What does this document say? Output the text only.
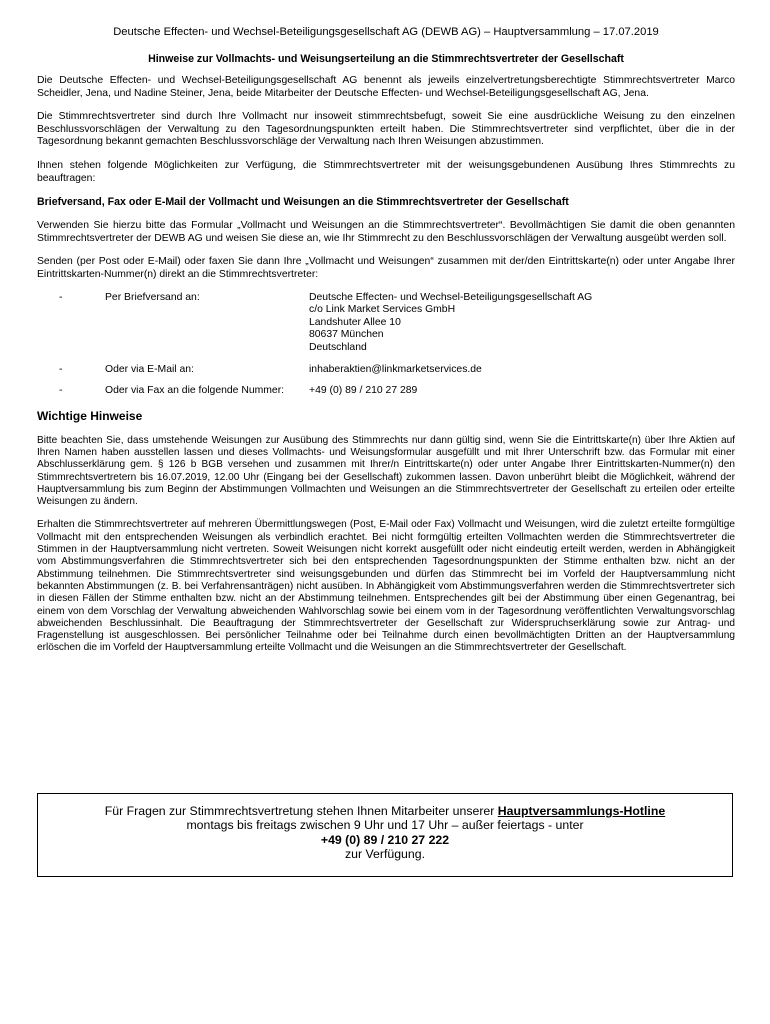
Deutsche Effecten- und Wechsel-Beteiligungsgesellschaft AG (DEWB AG) – Hauptversammlung – 17.07.2019
Hinweise zur Vollmachts- und Weisungserteilung an die Stimmrechtsvertreter der Gesellschaft

Die Deutsche Effecten- und Wechsel-Beteiligungsgesellschaft AG benennt als jeweils einzelvertretungsberechtigte Stimmrechtsvertreter Marco Scheidler, Jena, und Nadine Steiner, Jena, beide Mitarbeiter der Deutsche Effecten- und Wechsel-Beteiligungsgesellschaft AG, Jena.

Die Stimmrechtsvertreter sind durch Ihre Vollmacht nur insoweit stimmrechtsbefugt, soweit Sie eine ausdrückliche Weisung zu den einzelnen Beschlussvorschlägen der Verwaltung zu den Tagesordnungspunkten erteilt haben. Die Stimmrechtsvertreter sind verpflichtet, über die in der Tagesordnung bekannt gemachten Beschlussvorschläge der Verwaltung nach Ihren Weisungen abzustimmen.

Ihnen stehen folgende Möglichkeiten zur Verfügung, die Stimmrechtsvertreter mit der weisungsgebundenen Ausübung Ihres Stimmrechts zu beauftragen:

Briefversand, Fax oder E-Mail der Vollmacht und Weisungen an die Stimmrechtsvertreter der Gesellschaft

Verwenden Sie hierzu bitte das Formular „Vollmacht und Weisungen an die Stimmrechtsvertreter“. Bevollmächtigen Sie damit die oben genannten Stimmrechtsvertreter der DEWB AG und weisen Sie diese an, wie Ihr Stimmrecht zu den Beschlussvorschlägen der Verwaltung ausgeübt werden soll.

Senden (per Post oder E-Mail) oder faxen Sie dann Ihre „Vollmacht und Weisungen“ zusammen mit der/den Eintrittskarte(n) oder unter Angabe Ihrer Eintrittskarten-Nummer(n) direkt an die Stimmrechtsvertreter:

-	Per Briefversand an:	Deutsche Effecten- und Wechsel-Beteiligungsgesellschaft AG
c/o Link Market Services GmbH
Landshuter Allee 10
80637 München
Deutschland

-	Oder via E-Mail an:	inhaberaktien@linkmarketservices.de
-	Oder via Fax an die folgende Nummer:	+49 (0) 89 / 210 27 289
Wichtige Hinweise

Bitte beachten Sie, dass umstehende Weisungen zur Ausübung des Stimmrechts nur dann gültig sind, wenn Sie die Eintrittskarte(n) über Ihre Aktien auf Ihren Namen haben ausstellen lassen und dieses Vollmachts- und Weisungsformular ausgefüllt und mit Ihrer Unterschrift bzw. das Formular mit einer Abschlusserklärung gem. § 126 b BGB versehen und zusammen mit Ihrer/n Eintrittskarte(n) oder unter Angabe Ihrer Eintrittskarten-Nummer(n) den Stimmrechtsvertretern bis 16.07.2019, 12.00 Uhr (Eingang bei der Gesellschaft) zukommen lassen. Davon unberührt bleibt die Möglichkeit, während der Hauptversammlung bis zum Beginn der Abstimmungen Vollmachten und Weisungen an die Stimmrechtsvertreter der Gesellschaft zu erteilen oder erteilte Weisungen zu ändern.

Erhalten die Stimmrechtsvertreter auf mehreren Übermittlungswegen (Post, E-Mail oder Fax) Vollmacht und Weisungen, wird die zuletzt erteilte formgültige Vollmacht mit den entsprechenden Weisungen als verbindlich erachtet. Bei nicht formgültig erteilten Vollmachten werden die Stimmrechtsvertreter die Stimmen in der Hauptversammlung nicht vertreten. Soweit Weisungen nicht korrekt ausgefüllt oder nicht eindeutig erteilt werden, werden in Abhängigkeit vom Abstimmungsverfahren die Stimmrechtsvertreter sich bei den entsprechenden Tagesordnungspunkten der Stimme enthalten bzw. nicht an der Abstimmung teilnehmen. Die Stimmrechtsvertreter sind weisungsgebunden und dürfen das Stimmrecht bei im Vorfeld der Hauptversammlung nicht bekannten Abstimmungen (z. B. bei Verfahrensanträgen) nicht ausüben. In Abhängigkeit vom Abstimmungsverfahren werden die Stimmrechtsvertreter sich in diesen Fällen der Stimme enthalten bzw. nicht an der Abstimmung teilnehmen. Entsprechendes gilt bei der Abstimmung über einen Gegenantrag, bei einem von dem Vorschlag der Verwaltung abweichenden Wahlvorschlag sowie bei einem vom in der Tagesordnung veröffentlichten Verwaltungsvorschlag abweichenden Beschlussinhalt. Die Beauftragung der Stimmrechtsvertreter der Gesellschaft zur Widerspruchserklärung sowie zur Antrag- und Fragenstellung ist ausgeschlossen. Bei persönlicher Teilnahme oder bei Teilnahme durch einen bevollmächtigten Dritten an der Hauptversammlung erlöschen die im Vorfeld der Hauptversammlung erteilte Vollmacht und die Weisungen an die Stimmrechtsvertreter der Gesellschaft.

Für Fragen zur Stimmrechtsvertretung stehen Ihnen Mitarbeiter unserer Hauptversammlungs-Hotline
montags bis freitags zwischen 9 Uhr und 17 Uhr – außer feiertags - unter
+49 (0) 89 / 210 27 222
zur Verfügung.
